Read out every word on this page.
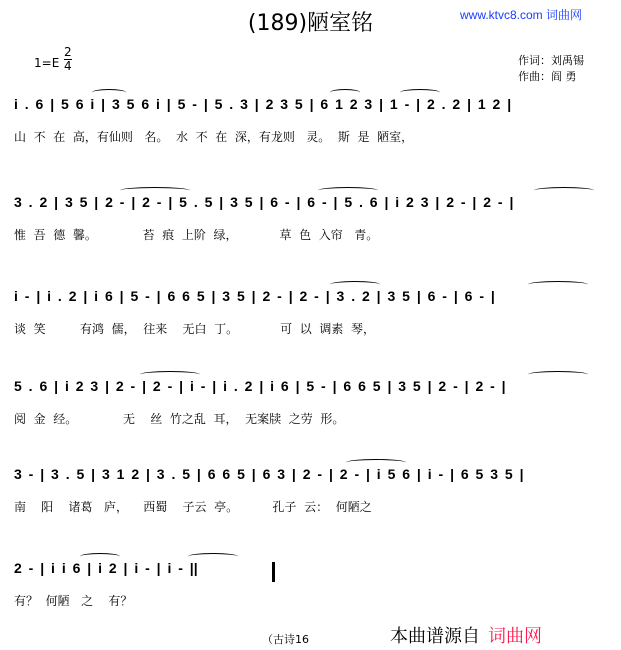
(189)陋室铭	www.ktvc8.com 词曲网
$1=E \frac{2}{4}$	作词：刘禹锡
作曲：阎 勇
i . 6 | 5 6 i | 3 5 6 i | 5 - | 5 . 3 | 2 3 5 | 6 1 2 3 | 1 - | 2 . 2 | 1 2 |
山  不  在  高，有仙则   名。  水  不  在  深，有龙则   灵。  斯  是  陋室，
3 . 2 | 3 5 | 2 - | 2 - | 5 . 5 | 3 5 | 6 - | 6 - | 5 . 6 | i 2 3 | 2 - | 2 - |
惟  吾  德  馨。            苔  痕  上阶  绿，           草  色  入帘   青。
i - | i . 2 | i 6 | 5 - | 6 6 5 | 3 5 | 2 - | 2 - | 3 . 2 | 3 5 | 6 - | 6 - |
谈  笑         有鸿  儒，  往来    无白  丁。           可  以  调素  琴，
5 . 6 | i 2 3 | 2 - | 2 - | i - | i . 2 | i 6 | 5 - | 6 6 5 | 3 5 | 2 - | 2 - |
阅  金  经。            无    丝  竹之乱  耳，  无案牍  之劳  形。
3 - | 3 . 5 | 3 1 2 | 3 . 5 | 6 6 5 | 6 3 | 2 - | 2 - | i 5 6 | i - | 6 5 3 5 |
南    阳    诸葛   庐，    西蜀    子云  亭。         孔子  云：  何陋之
2 - | i i 6 | i 2 | i - | i - ||
有？  何陋   之    有？
（古诗16	本曲谱源自 词曲网
